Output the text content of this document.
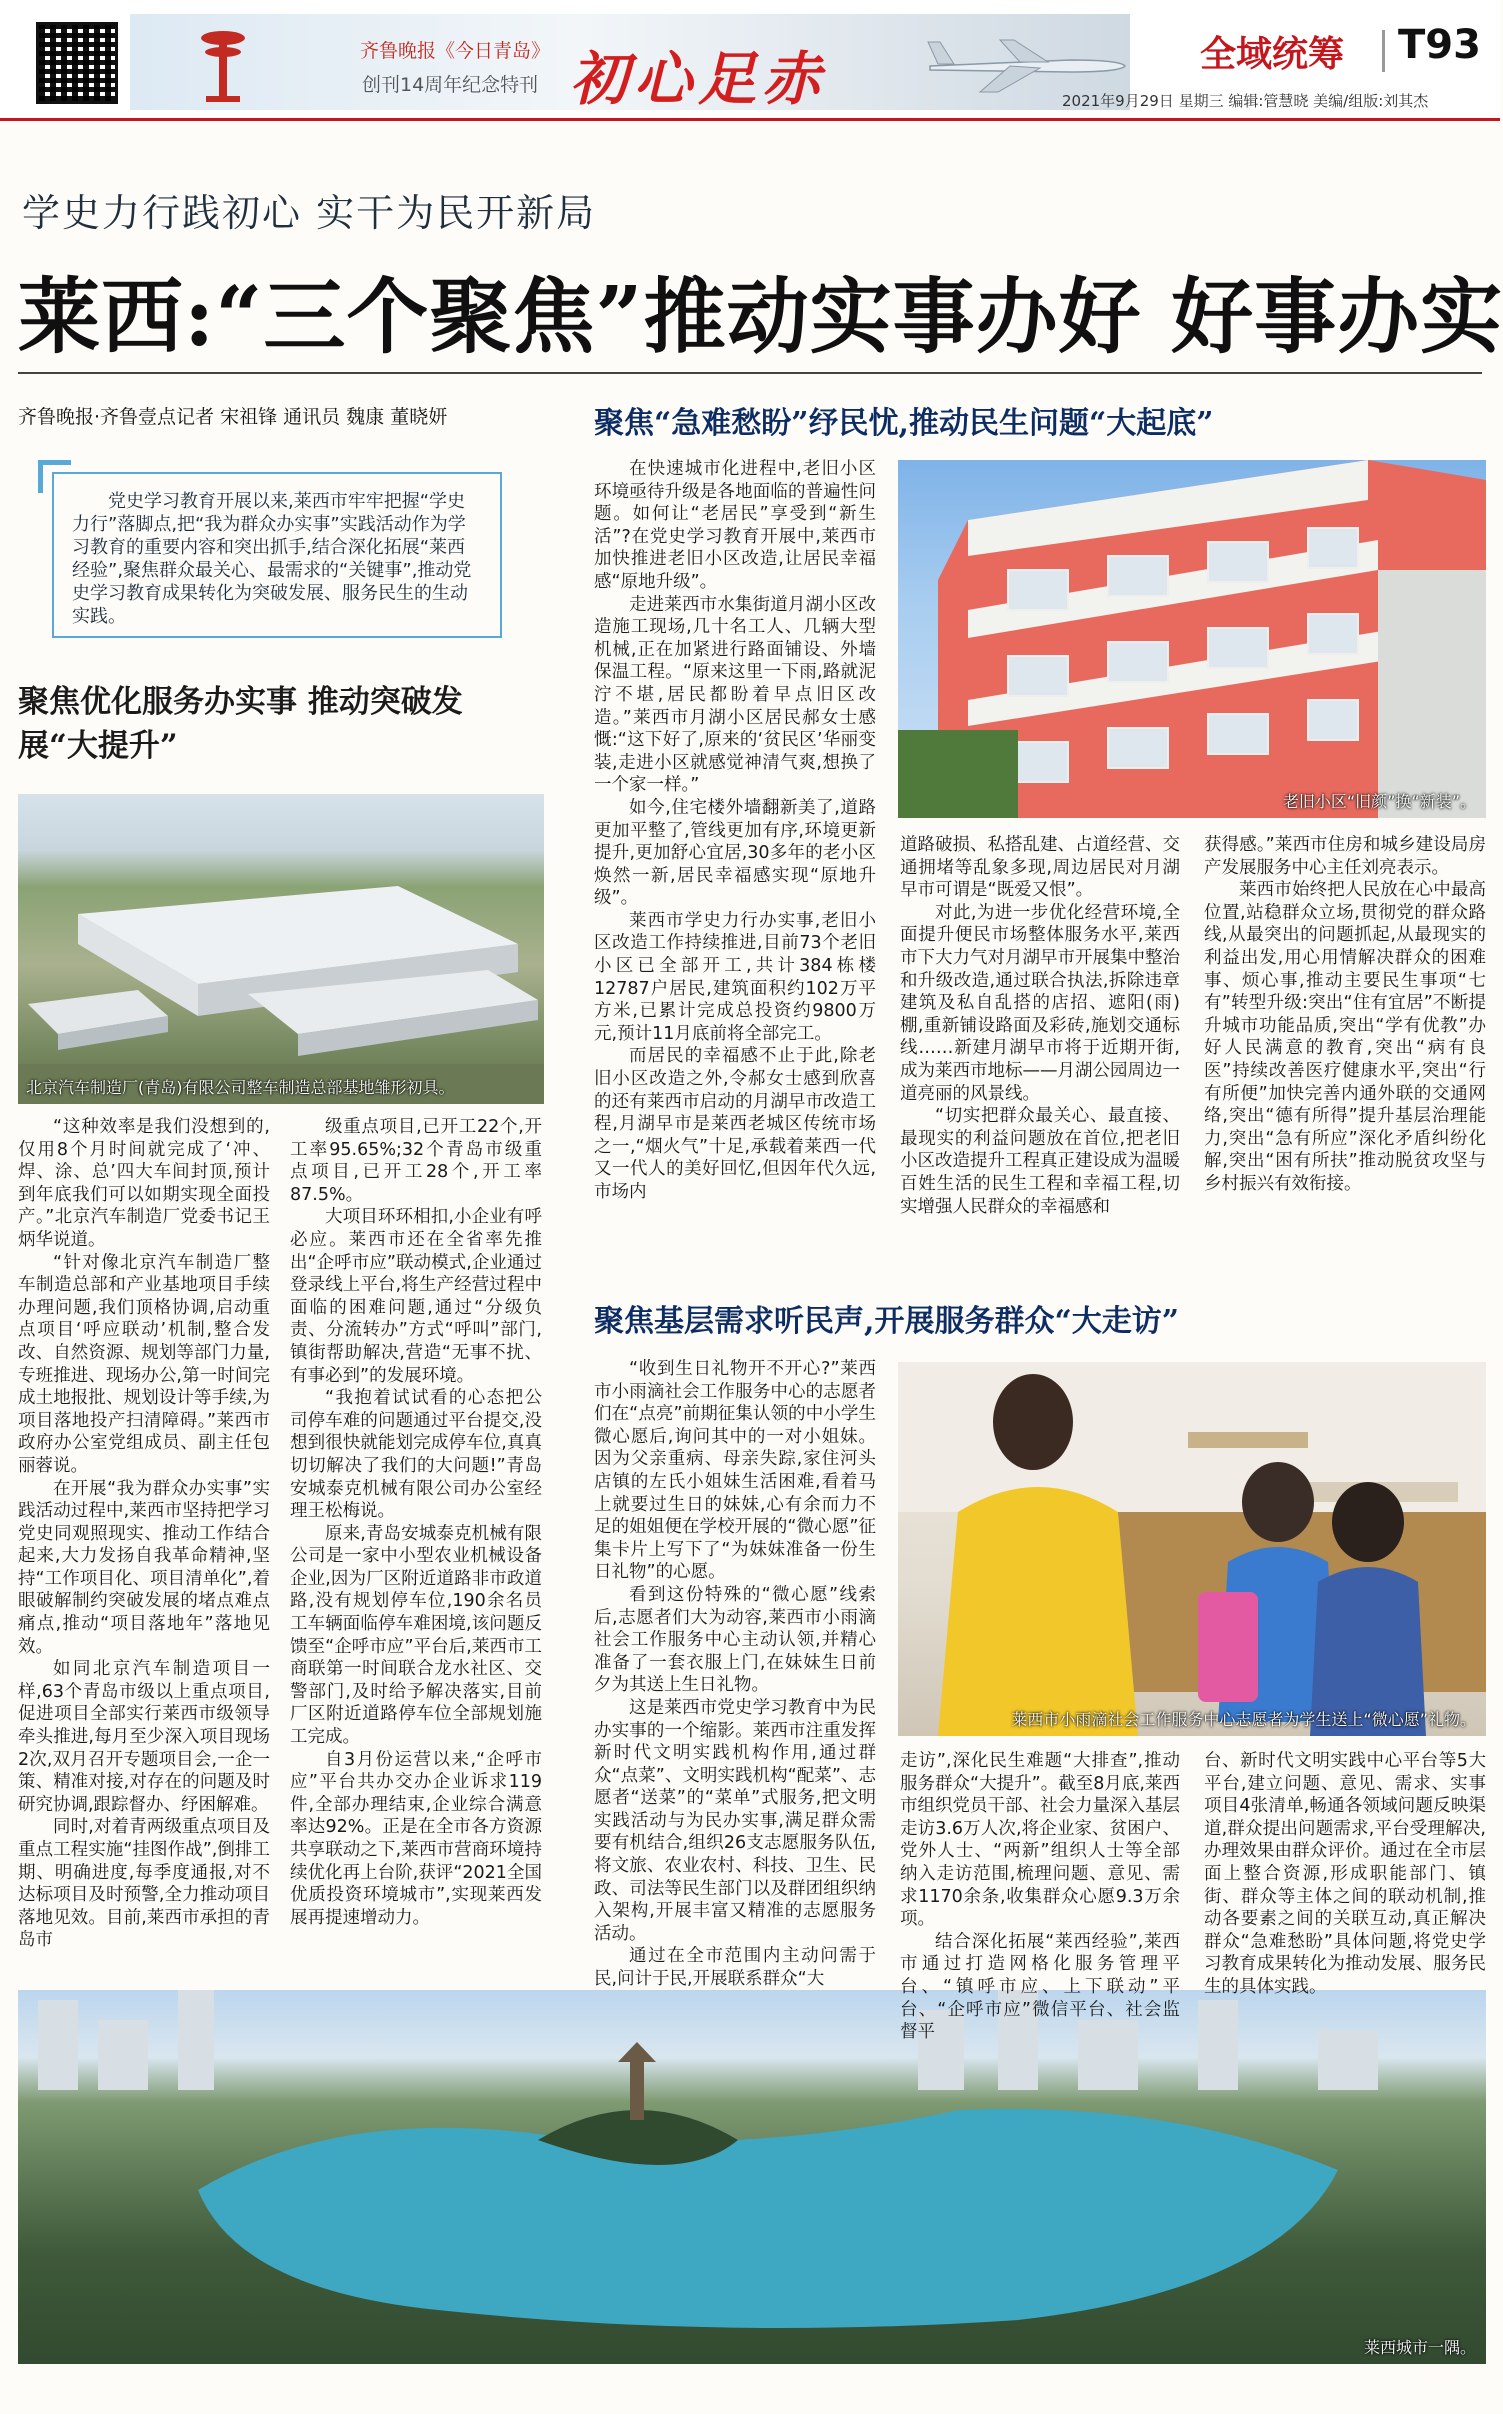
齐鲁晚报《今日青岛》
创刊14周年纪念特刊 初心足赤	全域统筹 T93
2021年9月29日 星期三 编辑:管慧晓 美编/组版:刘其杰
学史力行践初心 实干为民开新局
莱西:“三个聚焦”推动实事办好 好事办实
齐鲁晚报·齐鲁壹点记者 宋祖锋 通讯员 魏康 董晓妍
党史学习教育开展以来,莱西市牢牢把握“学史力行”落脚点,把“我为群众办实事”实践活动作为学习教育的重要内容和突出抓手,结合深化拓展“莱西经验”,聚焦群众最关心、最需求的“关键事”,推动党史学习教育成果转化为突破发展、服务民生的生动实践。
聚焦优化服务办实事 推动突破发展“大提升”
聚焦“急难愁盼”纾民忧,推动民生问题“大起底”
聚焦基层需求听民声,开展服务群众“大走访”
北京汽车制造厂(青岛)有限公司整车制造总部基地雏形初具。
老旧小区“旧颜”换“新装”。
莱西市小雨滴社会工作服务中心志愿者为学生送上“微心愿”礼物。
莱西城市一隅。

“这种效率是我们没想到的,仅用8个月时间就完成了‘冲、焊、涂、总’四大车间封顶,预计到年底我们可以如期实现全面投产。”北京汽车制造厂党委书记王炳华说道。

“针对像北京汽车制造厂整车制造总部和产业基地项目手续办理问题,我们顶格协调,启动重点项目‘呼应联动’机制,整合发改、自然资源、规划等部门力量,专班推进、现场办公,第一时间完成土地报批、规划设计等手续,为项目落地投产扫清障碍。”莱西市政府办公室党组成员、副主任包丽蓉说。

在开展“我为群众办实事”实践活动过程中,莱西市坚持把学习党史同观照现实、推动工作结合起来,大力发扬自我革命精神,坚持“工作项目化、项目清单化”,着眼破解制约突破发展的堵点难点痛点,推动“项目落地年”落地见效。

如同北京汽车制造项目一样,63个青岛市级以上重点项目,促进项目全部实行莱西市级领导牵头推进,每月至少深入项目现场2次,双月召开专题项目会,一企一策、精准对接,对存在的问题及时研究协调,跟踪督办、纾困解难。

同时,对着青两级重点项目及重点工程实施“挂图作战”,倒排工期、明确进度,每季度通报,对不达标项目及时预警,全力推动项目落地见效。目前,莱西市承担的青岛市

级重点项目,已开工22个,开工率95.65%;32个青岛市级重点项目,已开工28个,开工率87.5%。

大项目环环相扣,小企业有呼必应。莱西市还在全省率先推出“企呼市应”联动模式,企业通过登录线上平台,将生产经营过程中面临的困难问题,通过“分级负责、分流转办”方式“呼叫”部门,镇街帮助解决,营造“无事不扰、有事必到”的发展环境。

“我抱着试试看的心态把公司停车难的问题通过平台提交,没想到很快就能划完成停车位,真真切切解决了我们的大问题!”青岛安城泰克机械有限公司办公室经理王松梅说。

原来,青岛安城泰克机械有限公司是一家中小型农业机械设备企业,因为厂区附近道路非市政道路,没有规划停车位,190余名员工车辆面临停车难困境,该问题反馈至“企呼市应”平台后,莱西市工商联第一时间联合龙水社区、交警部门,及时给予解决落实,目前厂区附近道路停车位全部规划施工完成。

自3月份运营以来,“企呼市应”平台共办交办企业诉求119件,全部办理结束,企业综合满意率达92%。正是在全市各方资源共享联动之下,莱西市营商环境持续优化再上台阶,获评“2021全国优质投资环境城市”,实现莱西发展再提速增动力。

在快速城市化进程中,老旧小区环境亟待升级是各地面临的普遍性问题。如何让“老居民”享受到“新生活”?在党史学习教育开展中,莱西市加快推进老旧小区改造,让居民幸福感“原地升级”。

走进莱西市水集街道月湖小区改造施工现场,几十名工人、几辆大型机械,正在加紧进行路面铺设、外墙保温工程。“原来这里一下雨,路就泥泞不堪,居民都盼着早点旧区改造。”莱西市月湖小区居民郝女士感慨:“这下好了,原来的‘贫民区’华丽变装,走进小区就感觉神清气爽,想换了一个家一样。”

如今,住宅楼外墙翻新美了,道路更加平整了,管线更加有序,环境更新提升,更加舒心宜居,30多年的老小区焕然一新,居民幸福感实现“原地升级”。

莱西市学史力行办实事,老旧小区改造工作持续推进,目前73个老旧小区已全部开工,共计384栋楼12787户居民,建筑面积约102万平方米,已累计完成总投资约9800万元,预计11月底前将全部完工。

而居民的幸福感不止于此,除老旧小区改造之外,令郝女士感到欣喜的还有莱西市启动的月湖早市改造工程,月湖早市是莱西老城区传统市场之一,“烟火气”十足,承载着莱西一代又一代人的美好回忆,但因年代久远,市场内

道路破损、私搭乱建、占道经营、交通拥堵等乱象多现,周边居民对月湖早市可谓是“既爱又恨”。

对此,为进一步优化经营环境,全面提升便民市场整体服务水平,莱西市下大力气对月湖早市开展集中整治和升级改造,通过联合执法,拆除违章建筑及私自乱搭的店招、遮阳(雨)棚,重新铺设路面及彩砖,施划交通标线……新建月湖早市将于近期开街,成为莱西市地标——月湖公园周边一道亮丽的风景线。

“切实把群众最关心、最直接、最现实的利益问题放在首位,把老旧小区改造提升工程真正建设成为温暖百姓生活的民生工程和幸福工程,切实增强人民群众的幸福感和

获得感。”莱西市住房和城乡建设局房产发展服务中心主任刘亮表示。

莱西市始终把人民放在心中最高位置,站稳群众立场,贯彻党的群众路线,从最突出的问题抓起,从最现实的利益出发,用心用情解决群众的困难事、烦心事,推动主要民生事项“七有”转型升级:突出“住有宜居”不断提升城市功能品质,突出“学有优教”办好人民满意的教育,突出“病有良医”持续改善医疗健康水平,突出“行有所便”加快完善内通外联的交通网络,突出“德有所得”提升基层治理能力,突出“急有所应”深化矛盾纠纷化解,突出“困有所扶”推动脱贫攻坚与乡村振兴有效衔接。

“收到生日礼物开不开心?”莱西市小雨滴社会工作服务中心的志愿者们在“点亮”前期征集认领的中小学生微心愿后,询问其中的一对小姐妹。因为父亲重病、母亲失踪,家住河头店镇的左氏小姐妹生活困难,看着马上就要过生日的妹妹,心有余而力不足的姐姐便在学校开展的“微心愿”征集卡片上写下了“为妹妹准备一份生日礼物”的心愿。

看到这份特殊的“微心愿”线索后,志愿者们大为动容,莱西市小雨滴社会工作服务中心主动认领,并精心准备了一套衣服上门,在妹妹生日前夕为其送上生日礼物。

这是莱西市党史学习教育中为民办实事的一个缩影。莱西市注重发挥新时代文明实践机构作用,通过群众“点菜”、文明实践机构“配菜”、志愿者“送菜”的“菜单”式服务,把文明实践活动与为民办实事,满足群众需要有机结合,组织26支志愿服务队伍,将文旅、农业农村、科技、卫生、民政、司法等民生部门以及群团组织纳入架构,开展丰富又精准的志愿服务活动。

通过在全市范围内主动问需于民,问计于民,开展联系群众“大

走访”,深化民生难题“大排查”,推动服务群众“大提升”。截至8月底,莱西市组织党员干部、社会力量深入基层走访3.6万人次,将企业家、贫困户、党外人士、“两新”组织人士等全部纳入走访范围,梳理问题、意见、需求1170余条,收集群众心愿9.3万余项。

结合深化拓展“莱西经验”,莱西市通过打造网格化服务管理平台、“镇呼市应、上下联动”平台、“企呼市应”微信平台、社会监督平

台、新时代文明实践中心平台等5大平台,建立问题、意见、需求、实事项目4张清单,畅通各领域问题反映渠道,群众提出问题需求,平台受理解决,办理效果由群众评价。通过在全市层面上整合资源,形成职能部门、镇街、群众等主体之间的联动机制,推动各要素之间的关联互动,真正解决群众“急难愁盼”具体问题,将党史学习教育成果转化为推动发展、服务民生的具体实践。
